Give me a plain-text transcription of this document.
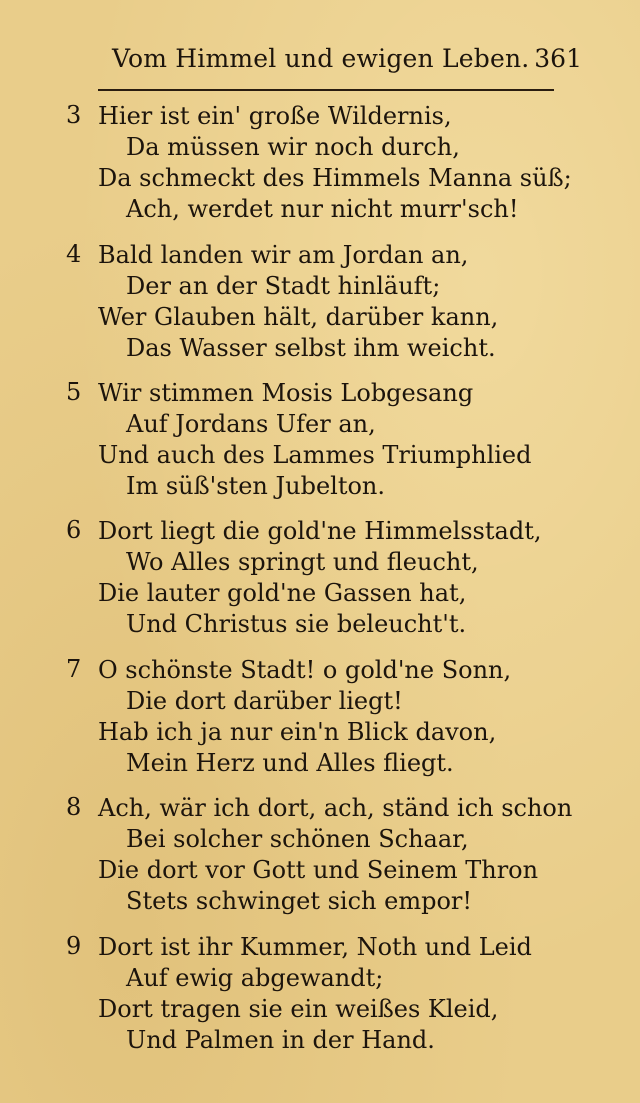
Vom Himmel und ewigen Leben. 361
3 Hier ist ein' große Wildernis,
Da müssen wir noch durch,
Da schmeckt des Himmels Manna süß;
Ach, werdet nur nicht murr'sch!
4 Bald landen wir am Jordan an,
Der an der Stadt hinläuft;
Wer Glauben hält, darüber kann,
Das Wasser selbst ihm weicht.
5 Wir stimmen Mosis Lobgesang
Auf Jordans Ufer an,
Und auch des Lammes Triumphlied
Im süß'sten Jubelton.
6 Dort liegt die gold'ne Himmelsstadt,
Wo Alles springt und fleucht,
Die lauter gold'ne Gassen hat,
Und Christus sie beleucht't.
7 O schönste Stadt! o gold'ne Sonn,
Die dort darüber liegt!
Hab ich ja nur ein'n Blick davon,
Mein Herz und Alles fliegt.
8 Ach, wär ich dort, ach, ständ ich schon
Bei solcher schönen Schaar,
Die dort vor Gott und Seinem Thron
Stets schwinget sich empor!
9 Dort ist ihr Kummer, Noth und Leid
Auf ewig abgewandt;
Dort tragen sie ein weißes Kleid,
Und Palmen in der Hand.
